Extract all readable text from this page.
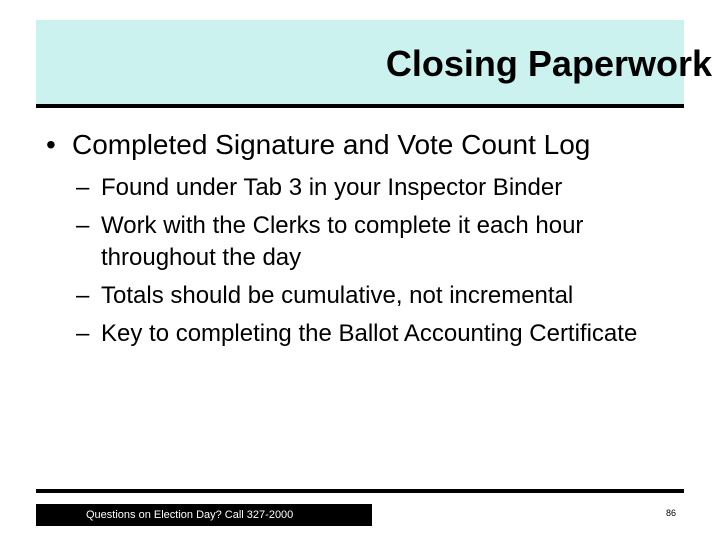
Closing Paperwork
• Completed Signature and Vote Count Log
– Found under Tab 3 in your Inspector Binder
– Work with the Clerks to complete it each hour throughout the day
– Totals should be cumulative, not incremental
– Key to completing the Ballot Accounting Certificate
Questions on Election Day? Call 327-2000	86
